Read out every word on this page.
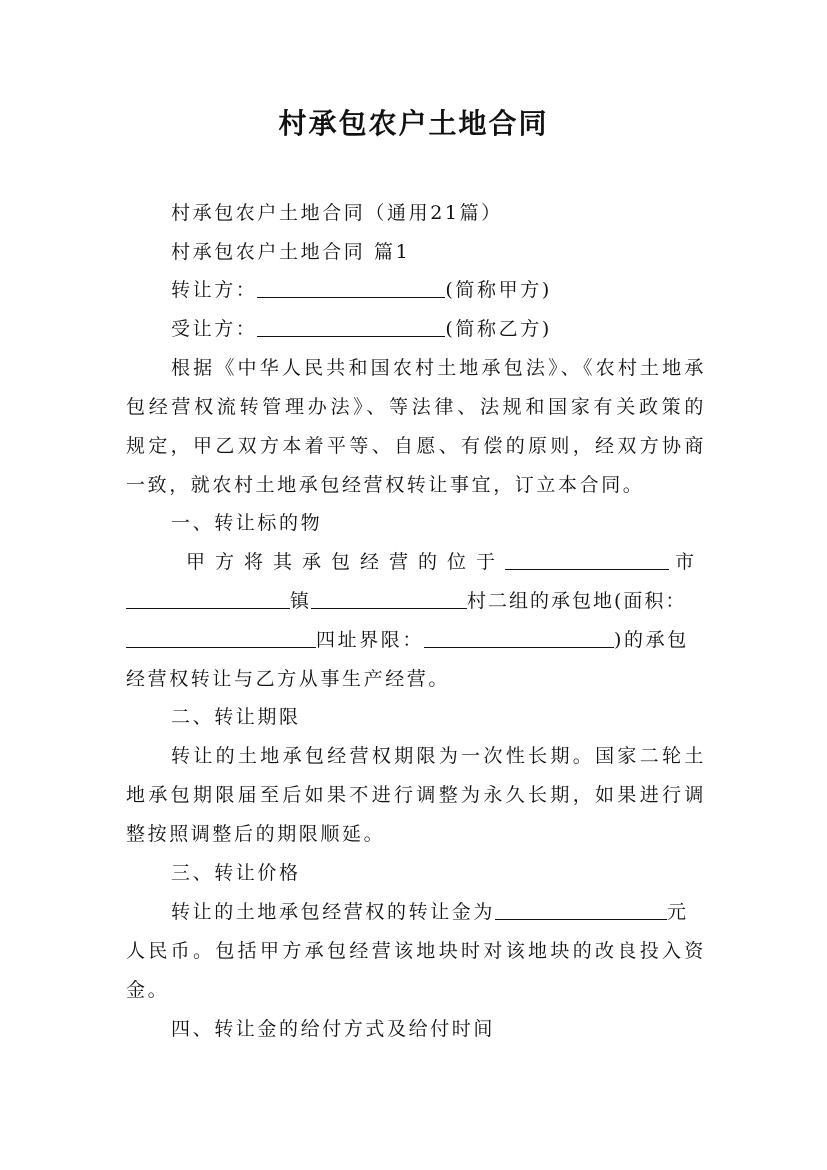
村承包农户土地合同
村承包农户土地合同（通用21篇）
村承包农户土地合同 篇1
转让方：	(简称甲方)
受让方：	(简称乙方)
根据《中华人民共和国农村土地承包法》、《农村土地承
包经营权流转管理办法》、等法律、法规和国家有关政策的
规定，甲乙双方本着平等、自愿、有偿的原则，经双方协商
一致，就农村土地承包经营权转让事宜，订立本合同。
一、转让标的物
甲方将其承包经营的位于	市
镇	村二组的承包地(面积：
四址界限：	)的承包
经营权转让与乙方从事生产经营。
二、转让期限
转让的土地承包经营权期限为一次性长期。国家二轮土
地承包期限届至后如果不进行调整为永久长期，如果进行调
整按照调整后的期限顺延。
三、转让价格
转让的土地承包经营权的转让金为	元
人民币。包括甲方承包经营该地块时对该地块的改良投入资
金。
四、转让金的给付方式及给付时间
